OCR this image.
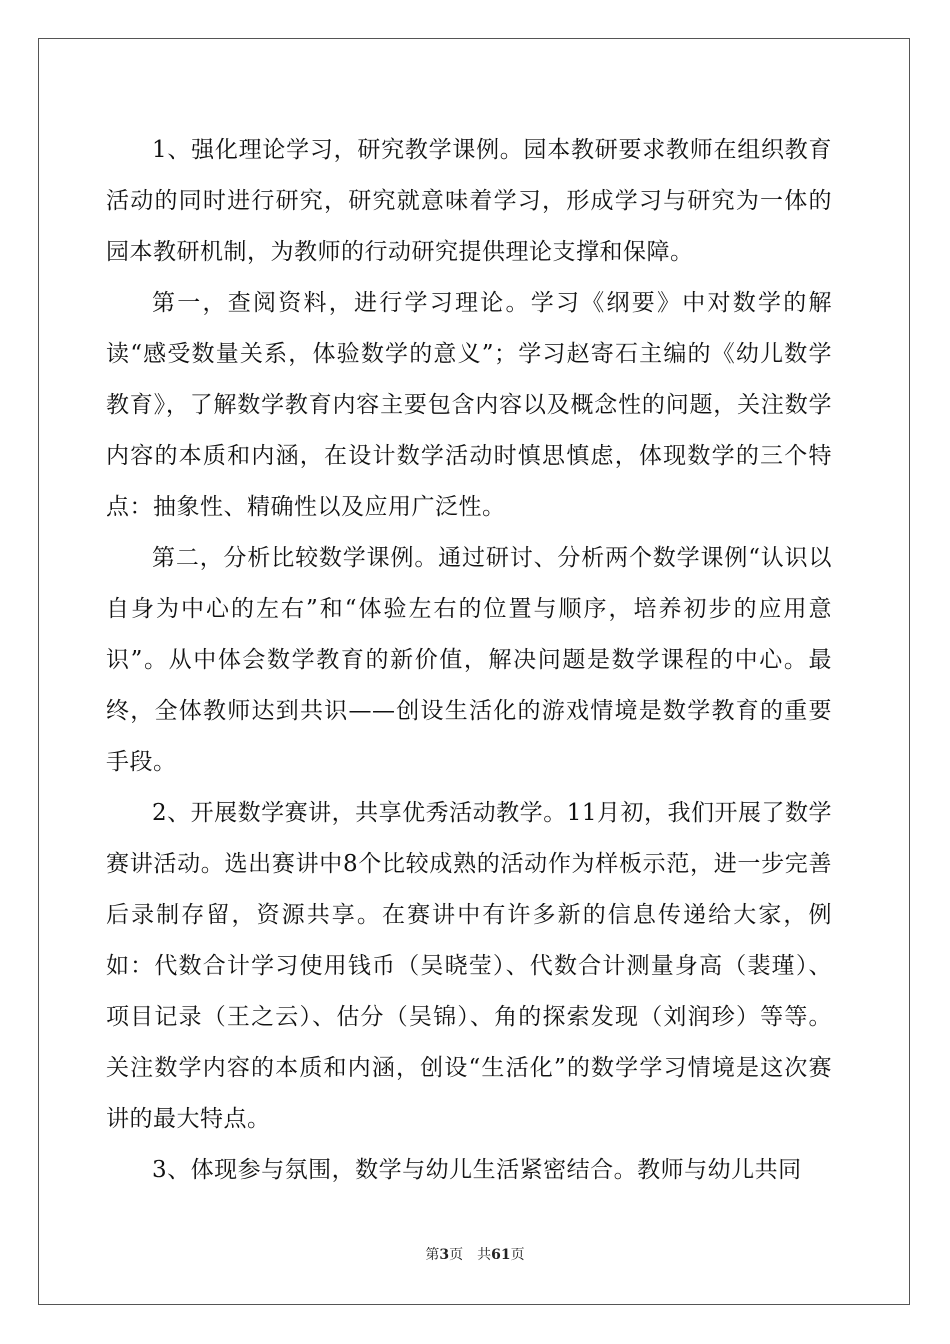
1、强化理论学习，研究教学课例。园本教研要求教师在组织教育活动的同时进行研究，研究就意味着学习，形成学习与研究为一体的园本教研机制，为教师的行动研究提供理论支撑和保障。

第一，查阅资料，进行学习理论。学习《纲要》中对数学的解读“感受数量关系，体验数学的意义”；学习赵寄石主编的《幼儿数学教育》，了解数学教育内容主要包含内容以及概念性的问题，关注数学内容的本质和内涵，在设计数学活动时慎思慎虑，体现数学的三个特点：抽象性、精确性以及应用广泛性。

第二，分析比较数学课例。通过研讨、分析两个数学课例“认识以自身为中心的左右”和“体验左右的位置与顺序，培养初步的应用意识”。从中体会数学教育的新价值，解决问题是数学课程的中心。最终，全体教师达到共识——创设生活化的游戏情境是数学教育的重要手段。

2、开展数学赛讲，共享优秀活动教学。11月初，我们开展了数学赛讲活动。选出赛讲中8个比较成熟的活动作为样板示范，进一步完善后录制存留，资源共享。在赛讲中有许多新的信息传递给大家，例如：代数合计学习使用钱币（吴晓莹）、代数合计测量身高（裴瑾）、项目记录（王之云）、估分（吴锦）、角的探索发现（刘润珍）等等。关注数学内容的本质和内涵，创设“生活化”的数学学习情境是这次赛讲的最大特点。

3、体现参与氛围，数学与幼儿生活紧密结合。教师与幼儿共同

第3页 共61页
